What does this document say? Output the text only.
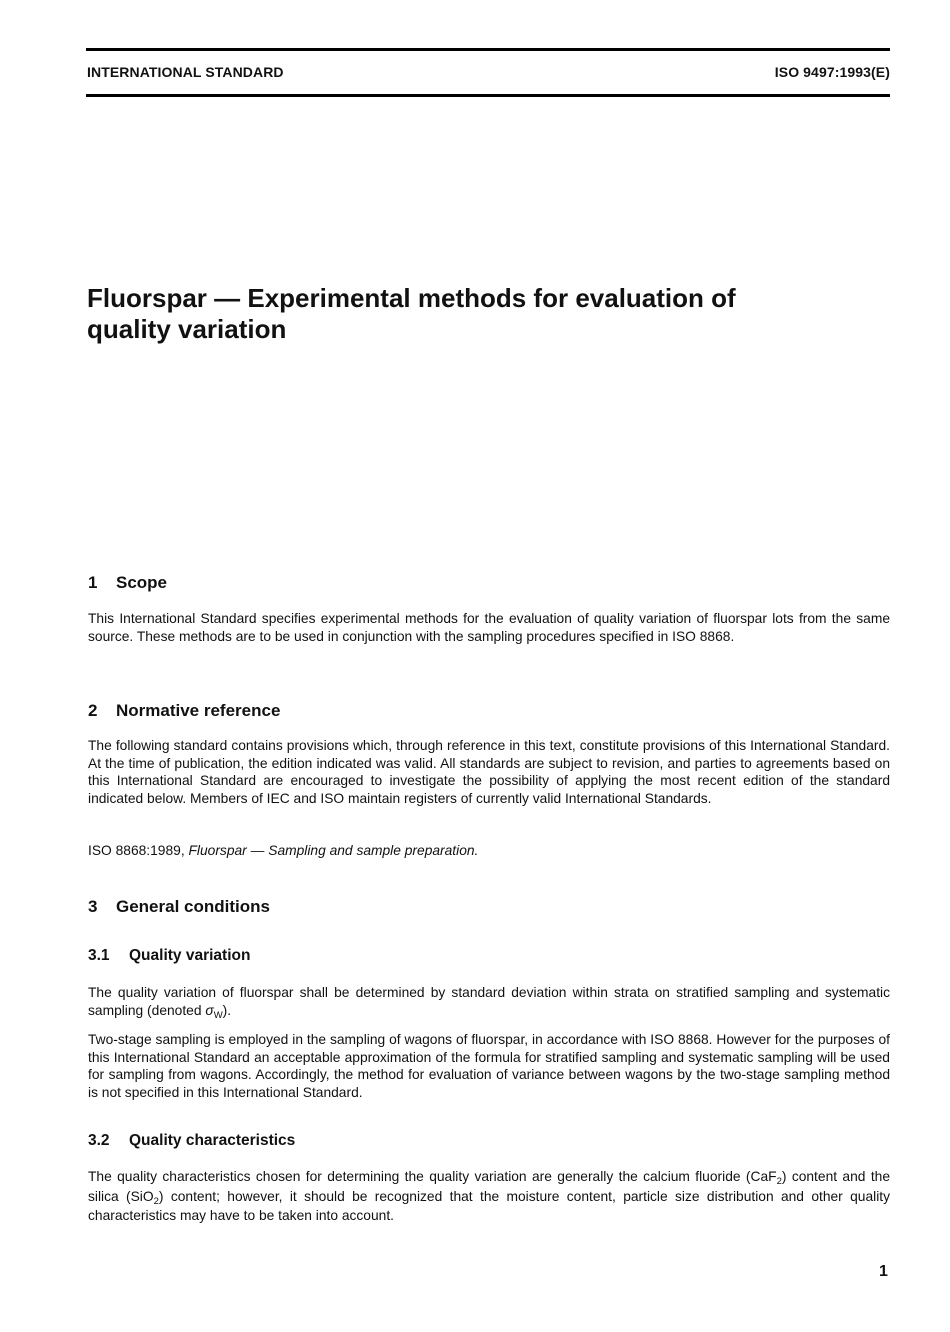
INTERNATIONAL STANDARD	ISO 9497:1993(E)
Fluorspar — Experimental methods for evaluation of
quality variation
1 Scope

This International Standard specifies experimental methods for the evaluation of quality variation of fluorspar lots from the same source. These methods are to be used in conjunction with the sampling procedures specified in ISO 8868.

2 Normative reference

The following standard contains provisions which, through reference in this text, constitute provisions of this International Standard. At the time of publication, the edition indicated was valid. All standards are subject to revision, and parties to agreements based on this International Standard are encouraged to investigate the possibility of applying the most recent edition of the standard indicated below. Members of IEC and ISO maintain registers of currently valid International Standards.

ISO 8868:1989, Fluorspar — Sampling and sample preparation.

3 General conditions
3.1 Quality variation

The quality variation of fluorspar shall be determined by standard deviation within strata on stratified sampling and systematic sampling (denoted $\sigma_W$).

Two-stage sampling is employed in the sampling of wagons of fluorspar, in accordance with ISO 8868. However for the purposes of this International Standard an acceptable approximation of the formula for stratified sampling and systematic sampling will be used for sampling from wagons. Accordingly, the method for evaluation of variance between wagons by the two-stage sampling method is not specified in this International Standard.

3.2 Quality characteristics

The quality characteristics chosen for determining the quality variation are generally the calcium fluoride (CaF$_2$) content and the silica (SiO$_2$) content; however, it should be recognized that the moisture content, particle size distribution and other quality characteristics may have to be taken into account.

1
